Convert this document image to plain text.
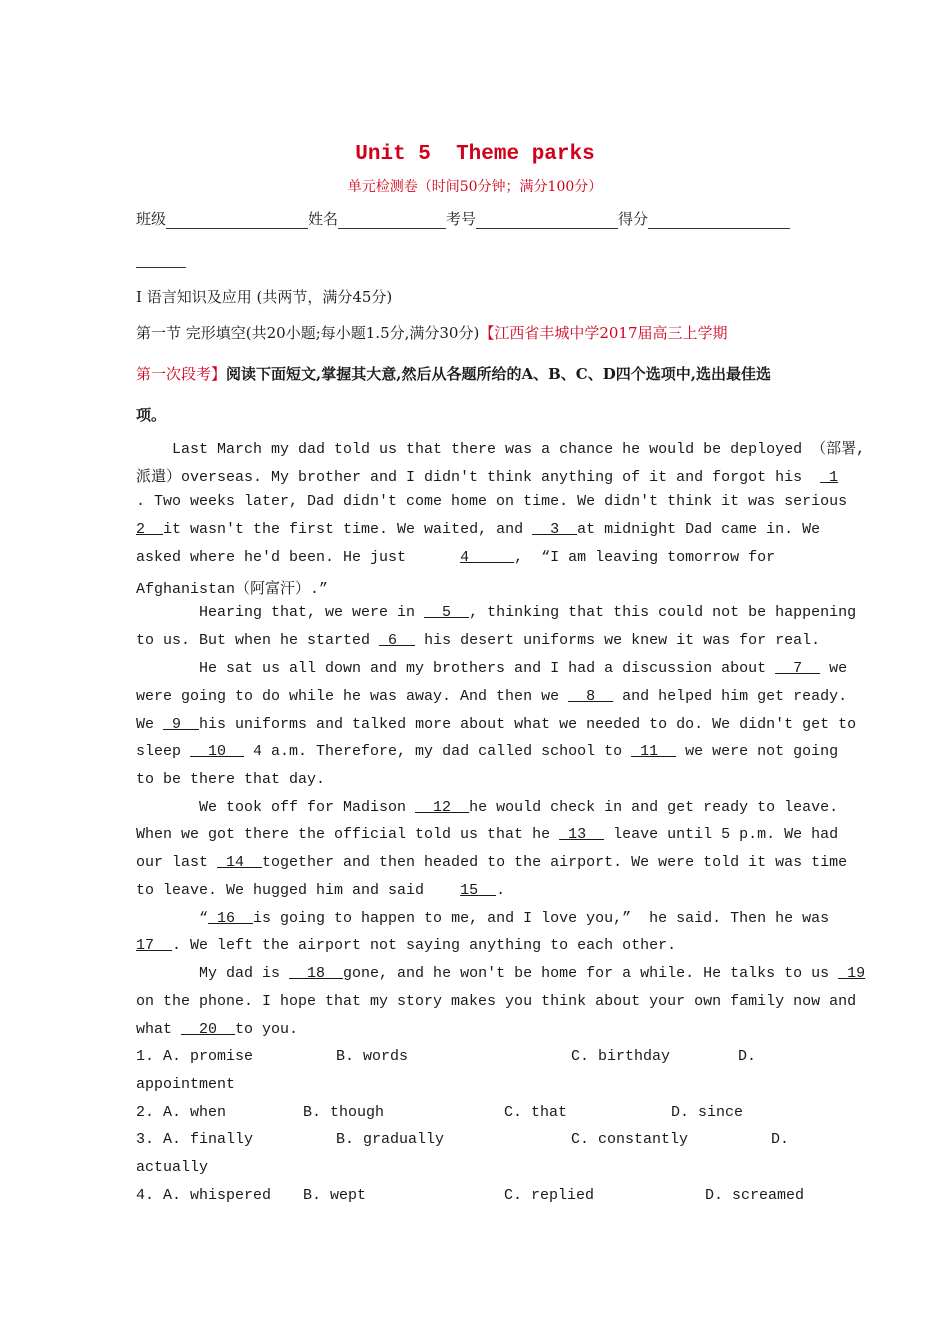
Unit 5  Theme parks
单元检测卷（时间50分钟；满分100分）
班级	姓名	考号	得分
I 语言知识及应用 (共两节，满分45分)
第一节 完形填空(共20小题;每小题1.5分,满分30分)【江西省丰城中学2017届高三上学期
第一次段考】阅读下面短文,掌握其大意,然后从各题所给的A、B、C、D四个选项中,选出最佳选
项。
Last March my dad told us that there was a chance he would be deployed （部署,
派遣）overseas. My brother and I didn't think anything of it and forgot his   1
. Two weeks later, Dad didn't come home on time. We didn't think it was serious
2  it wasn't the first time. We waited, and   3  at midnight Dad came in. We
asked where he'd been. He just      4     ,  “I am leaving tomorrow for
Afghanistan（阿富汗）.”
Hearing that, we were in   5  , thinking that this could not be happening
to us. But when he started  6   his desert uniforms we knew it was for real.
He sat us all down and my brothers and I had a discussion about   7   we
were going to do while he was away. And then we   8   and helped him get ready.
We  9  his uniforms and talked more about what we needed to do. We didn't get to
sleep   10   4 a.m. Therefore, my dad called school to  11   we were not going
to be there that day.
We took off for Madison   12  he would check in and get ready to leave.
When we got there the official told us that he  13   leave until 5 p.m. We had
our last  14  together and then headed to the airport. We were told it was time
to leave. We hugged him and said    15  .
“ 16  is going to happen to me, and I love you,”  he said. Then he was
17  . We left the airport not saying anything to each other.
My dad is   18  gone, and he won't be home for a while. He talks to us  19
on the phone. I hope that my story makes you think about your own family now and
what   20  to you.
1. A. promise	B. words	C. birthday	D.
appointment
2. A. when	B. though	C. that	D. since
3. A. finally	B. gradually	C. constantly	D.
actually
4. A. whispered B. wept	C. replied	D. screamed
